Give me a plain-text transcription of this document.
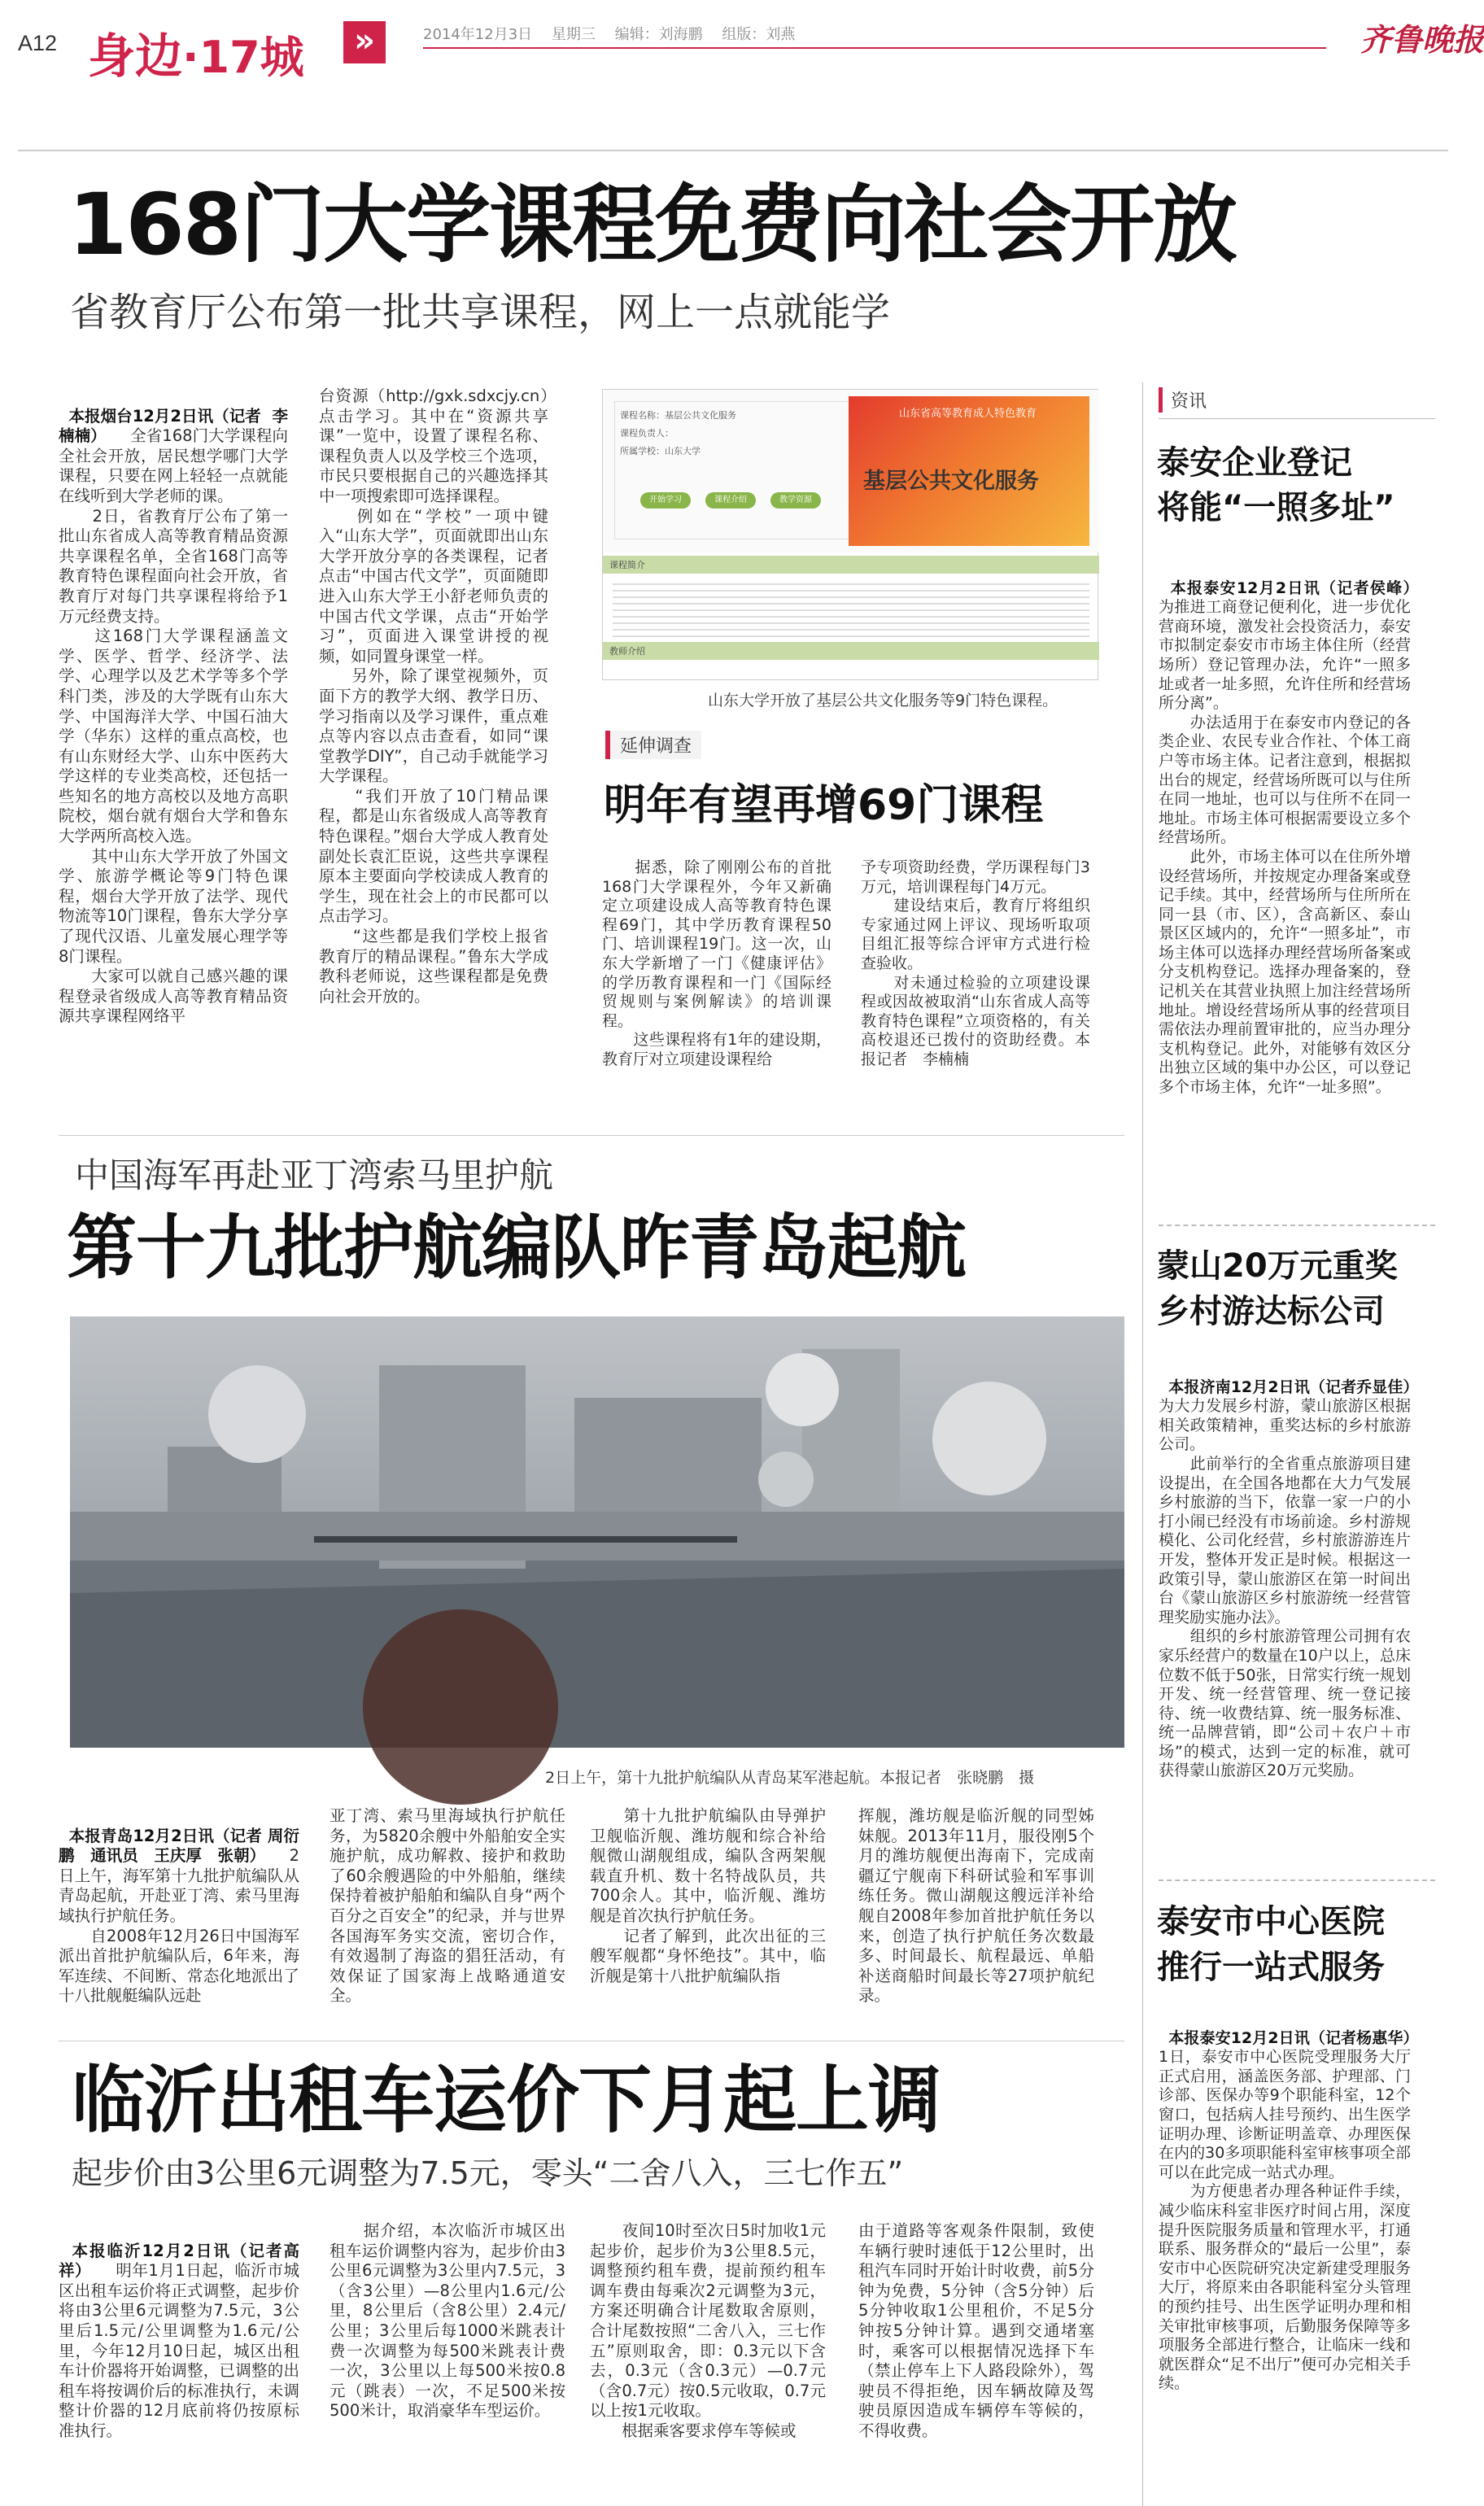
A12 身边·17城	»	2014年12月3日　 星期三　 编辑：刘海鹏　 组版：刘燕	齐鲁晚报
168门大学课程免费向社会开放
省教育厅公布第一批共享课程，网上一点就能学

本报烟台12月2日讯（记者  李楠楠）　　全省168门大学课程向全社会开放，居民想学哪门大学课程，只要在网上轻轻一点就能在线听到大学老师的课。
　　2日，省教育厅公布了第一批山东省成人高等教育精品资源共享课程名单，全省168门高等教育特色课程面向社会开放，省教育厅对每门共享课程将给予1万元经费支持。
　　这168门大学课程涵盖文学、医学、哲学、经济学、法学、心理学以及艺术学等多个学科门类，涉及的大学既有山东大学、中国海洋大学、中国石油大学（华东）这样的重点高校，也有山东财经大学、山东中医药大学这样的专业类高校，还包括一些知名的地方高校以及地方高职院校，烟台就有烟台大学和鲁东大学两所高校入选。
　　其中山东大学开放了外国文学、旅游学概论等9门特色课程，烟台大学开放了法学、现代物流等10门课程，鲁东大学分享了现代汉语、儿童发展心理学等8门课程。
　　大家可以就自己感兴趣的课程登录省级成人高等教育精品资源共享课程网络平

台资源（http://gxk.sdxcjy.cn）点击学习。其中在“资源共享课”一览中，设置了课程名称、课程负责人以及学校三个选项，市民只要根据自己的兴趣选择其中一项搜索即可选择课程。
　　例如在“学校”一项中键入“山东大学”，页面就即出山东大学开放分享的各类课程，记者点击“中国古代文学”，页面随即进入山东大学王小舒老师负责的中国古代文学课，点击“开始学习”，页面进入课堂讲授的视频，如同置身课堂一样。
　　另外，除了课堂视频外，页面下方的教学大纲、教学日历、学习指南以及学习课件，重点难点等内容以点击查看，如同“课堂教学DIY”，自己动手就能学习大学课程。
　　“我们开放了10门精品课程，都是山东省级成人高等教育特色课程。”烟台大学成人教育处副处长袁汇臣说，这些共享课程原本主要面向学校读成人教育的学生，现在社会上的市民都可以点击学习。
　　“这些都是我们学校上报省教育厅的精品课程。”鲁东大学成教科老师说，这些课程都是免费向社会开放的。
课程名称：基层公共文化服务
课程负责人：
所属学校：山东大学
开始学习	课程介绍	教学资源
山东省高等教育成人特色教育
基层公共文化服务
课程简介
教师介绍
山东大学开放了基层公共文化服务等9门特色课程。
延伸调查
明年有望再增69门课程
　　据悉，除了刚刚公布的首批168门大学课程外，今年又新确定立项建设成人高等教育特色课程69门，其中学历教育课程50门、培训课程19门。这一次，山东大学新增了一门《健康评估》的学历教育课程和一门《国际经贸规则与案例解读》的培训课程。
　　这些课程将有1年的建设期，教育厅对立项建设课程给
予专项资助经费，学历课程每门3万元，培训课程每门4万元。
　　建设结束后，教育厅将组织专家通过网上评议、现场听取项目组汇报等综合评审方式进行检查验收。
　　对未通过检验的立项建设课程或因故被取消“山东省成人高等教育特色课程”立项资格的，有关高校退还已拨付的资助经费。本报记者　李楠楠
资讯
泰安企业登记
将能“一照多址”

本报泰安12月2日讯（记者侯峰）　　为推进工商登记便利化，进一步优化营商环境，激发社会投资活力，泰安市拟制定泰安市市场主体住所（经营场所）登记管理办法，允许“一照多址或者一址多照，允许住所和经营场所分离”。
　　办法适用于在泰安市内登记的各类企业、农民专业合作社、个体工商户等市场主体。记者注意到，根据拟出台的规定，经营场所既可以与住所在同一地址，也可以与住所不在同一地址。市场主体可根据需要设立多个经营场所。
　　此外，市场主体可以在住所外增设经营场所，并按规定办理备案或登记手续。其中，经营场所与住所所在同一县（市、区），含高新区、泰山景区区域内的，允许“一照多址”，市场主体可以选择办理经营场所备案或分支机构登记。选择办理备案的，登记机关在其营业执照上加注经营场所地址。增设经营场所从事的经营项目需依法办理前置审批的，应当办理分支机构登记。此外，对能够有效区分出独立区域的集中办公区，可以登记多个市场主体，允许“一址多照”。

蒙山20万元重奖
乡村游达标公司

本报济南12月2日讯（记者乔显佳）　　为大力发展乡村游，蒙山旅游区根据相关政策精神，重奖达标的乡村旅游公司。
　　此前举行的全省重点旅游项目建设提出，在全国各地都在大力气发展乡村旅游的当下，依靠一家一户的小打小闹已经没有市场前途。乡村游规模化、公司化经营，乡村旅游游连片开发，整体开发正是时候。根据这一政策引导，蒙山旅游区在第一时间出台《蒙山旅游区乡村旅游统一经营管理奖励实施办法》。
　　组织的乡村旅游管理公司拥有农家乐经营户的数量在10户以上，总床位数不低于50张，日常实行统一规划开发、统一经营管理、统一登记接待、统一收费结算、统一服务标准、统一品牌营销，即“公司＋农户＋市场”的模式，达到一定的标准，就可获得蒙山旅游区20万元奖励。

泰安市中心医院
推行一站式服务

本报泰安12月2日讯（记者杨惠华）　　1日，泰安市中心医院受理服务大厅正式启用，涵盖医务部、护理部、门诊部、医保办等9个职能科室，12个窗口，包括病人挂号预约、出生医学证明办理、诊断证明盖章、办理医保在内的30多项职能科室审核事项全部可以在此完成一站式办理。
　　为方便患者办理各种证件手续，减少临床科室非医疗时间占用，深度提升医院服务质量和管理水平，打通联系、服务群众的“最后一公里”，泰安市中心医院研究决定新建受理服务大厅，将原来由各职能科室分头管理的预约挂号、出生医学证明办理和相关审批审核事项，后勤服务保障等多项服务全部进行整合，让临床一线和就医群众“足不出厅”便可办完相关手续。

中国海军再赴亚丁湾索马里护航
第十九批护航编队昨青岛起航
2日上午，第十九批护航编队从青岛某军港起航。本报记者　张晓鹏　摄

本报青岛12月2日讯（记者 周衍鹏　通讯员　王庆厚　张朝）　　2日上午，海军第十九批护航编队从青岛起航，开赴亚丁湾、索马里海域执行护航任务。
　　自2008年12月26日中国海军派出首批护航编队后，6年来，海军连续、不间断、常态化地派出了十八批舰艇编队远赴

亚丁湾、索马里海域执行护航任务，为5820余艘中外船舶安全实施护航，成功解救、接护和救助了60余艘遇险的中外船舶，继续保持着被护船舶和编队自身“两个百分之百安全”的纪录，并与世界各国海军务实交流，密切合作，有效遏制了海盗的猖狂活动，有效保证了国家海上战略通道安全。
　　第十九批护航编队由导弹护卫舰临沂舰、潍坊舰和综合补给舰微山湖舰组成，编队含两架舰载直升机、数十名特战队员，共700余人。其中，临沂舰、潍坊舰是首次执行护航任务。
　　记者了解到，此次出征的三艘军舰都“身怀绝技”。其中，临沂舰是第十八批护航编队指
挥舰，潍坊舰是临沂舰的同型姊妹舰。2013年11月，服役刚5个月的潍坊舰便出海南下，完成南疆辽宁舰南下科研试验和军事训练任务。微山湖舰这艘远洋补给舰自2008年参加首批护航任务以来，创造了执行护航任务次数最多、时间最长、航程最远、单船补送商船时间最长等27项护航纪录。
临沂出租车运价下月起上调
起步价由3公里6元调整为7.5元，零头“二舍八入，三七作五”

本报临沂12月2日讯（记者高祥）　　明年1月1日起，临沂市城区出租车运价将正式调整，起步价将由3公里6元调整为7.5元，3公里后1.5元/公里调整为1.6元/公里，今年12月10日起，城区出租车计价器将开始调整，已调整的出租车将按调价后的标准执行，未调整计价器的12月底前将仍按原标准执行。

　　据介绍，本次临沂市城区出租车运价调整内容为，起步价由3公里6元调整为3公里内7.5元，3（含3公里）—8公里内1.6元/公里，8公里后（含8公里）2.4元/公里；3公里后每1000米跳表计费一次调整为每500米跳表计费一次，3公里以上每500米按0.8元（跳表）一次，不足500米按500米计，取消豪华车型运价。
　　夜间10时至次日5时加收1元起步价，起步价为3公里8.5元，调整预约租车费，提前预约租车调车费由每乘次2元调整为3元，方案还明确合计尾数取舍原则，合计尾数按照“二舍八入，三七作五”原则取舍，即：0.3元以下含去，0.3元（含0.3元）—0.7元（含0.7元）按0.5元收取，0.7元以上按1元收取。
　　根据乘客要求停车等候或
由于道路等客观条件限制，致使车辆行驶时速低于12公里时，出租汽车同时开始计时收费，前5分钟为免费，5分钟（含5分钟）后5分钟收取1公里租价，不足5分钟按5分钟计算。遇到交通堵塞时，乘客可以根据情况选择下车（禁止停车上下人路段除外），驾驶员不得拒绝，因车辆故障及驾驶员原因造成车辆停车等候的，不得收费。
